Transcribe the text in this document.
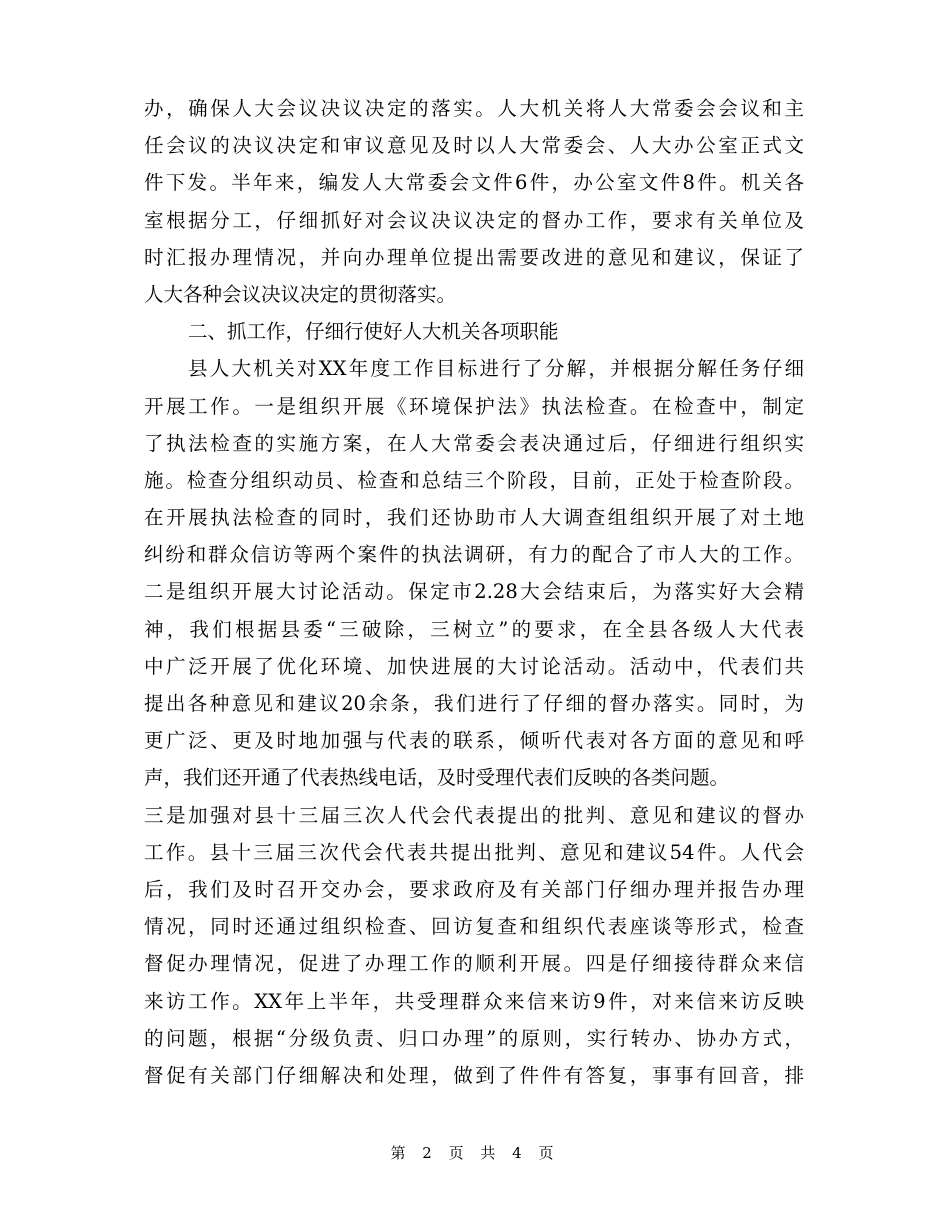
办，确保人大会议决议决定的落实。人大机关将人大常委会会议和主
任会议的决议决定和审议意见及时以人大常委会、人大办公室正式文
件下发。半年来，编发人大常委会文件6件，办公室文件8件。机关各
室根据分工，仔细抓好对会议决议决定的督办工作，要求有关单位及
时汇报办理情况，并向办理单位提出需要改进的意见和建议，保证了
人大各种会议决议决定的贯彻落实。
二、抓工作，仔细行使好人大机关各项职能
县人大机关对XX年度工作目标进行了分解，并根据分解任务仔细
开展工作。一是组织开展《环境保护法》执法检查。在检查中，制定
了执法检查的实施方案，在人大常委会表决通过后，仔细进行组织实
施。检查分组织动员、检查和总结三个阶段，目前，正处于检查阶段。
在开展执法检查的同时，我们还协助市人大调查组组织开展了对土地
纠纷和群众信访等两个案件的执法调研，有力的配合了市人大的工作。
二是组织开展大讨论活动。保定市2.28大会结束后，为落实好大会精
神，我们根据县委“三破除，三树立”的要求，在全县各级人大代表
中广泛开展了优化环境、加快进展的大讨论活动。活动中，代表们共
提出各种意见和建议20余条，我们进行了仔细的督办落实。同时，为
更广泛、更及时地加强与代表的联系，倾听代表对各方面的意见和呼
声，我们还开通了代表热线电话，及时受理代表们反映的各类问题。
三是加强对县十三届三次人代会代表提出的批判、意见和建议的督办
工作。县十三届三次代会代表共提出批判、意见和建议54件。人代会
后，我们及时召开交办会，要求政府及有关部门仔细办理并报告办理
情况，同时还通过组织检查、回访复查和组织代表座谈等形式，检查
督促办理情况，促进了办理工作的顺利开展。四是仔细接待群众来信
来访工作。XX年上半年，共受理群众来信来访9件，对来信来访反映
的问题，根据“分级负责、归口办理”的原则，实行转办、协办方式，
督促有关部门仔细解决和处理，做到了件件有答复，事事有回音，排
第 2 页 共 4 页
